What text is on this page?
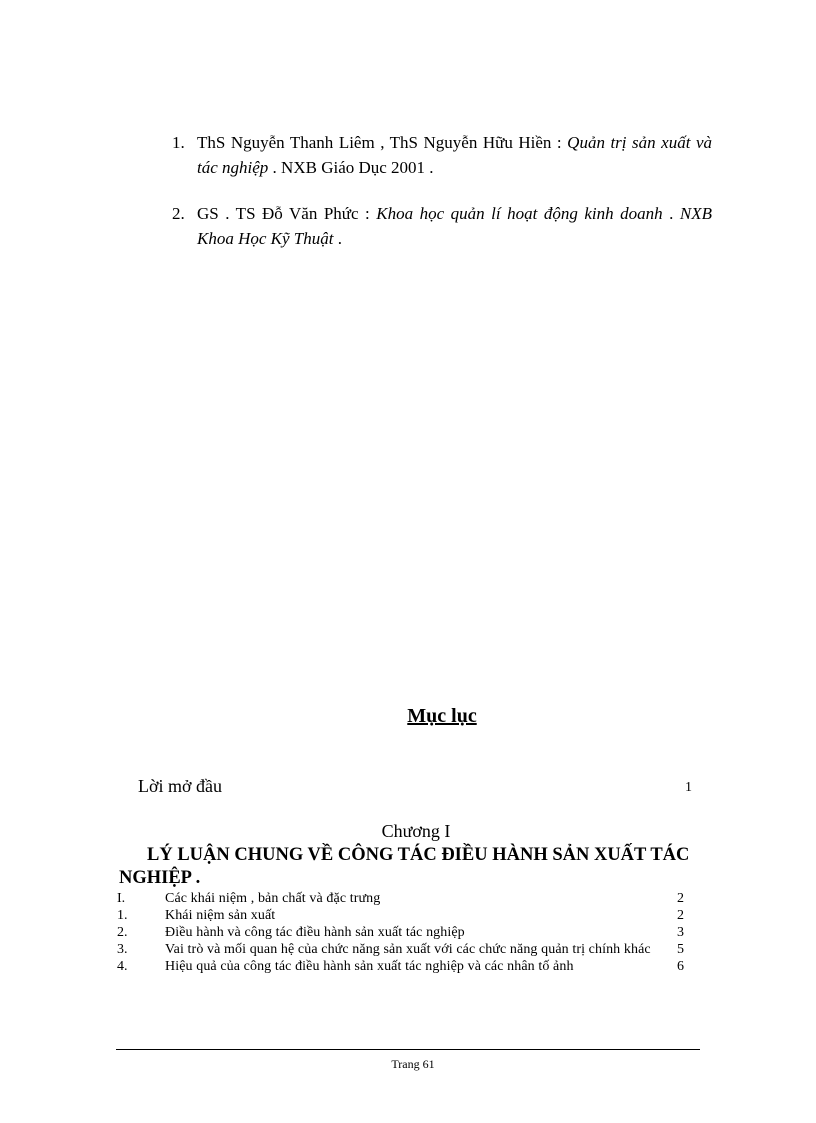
1. ThS Nguyễn Thanh Liêm , ThS Nguyễn Hữu Hiền : Quản trị sản xuất và tác nghiệp . NXB Giáo Dục 2001 .
2. GS . TS Đỗ Văn Phức : Khoa học quản lí hoạt động kinh doanh . NXB Khoa Học Kỹ Thuật .
Mục lục
Lời mở đầu	1
Chương I
LÝ LUẬN CHUNG VỀ CÔNG TÁC ĐIỀU HÀNH SẢN XUẤT TÁC NGHIỆP .
I.	Các khái niệm , bản chất và đặc trưng	2
1.	Khái niệm sản xuất	2
2.	Điều hành và công tác điều hành sản xuất tác nghiệp	3
3.	Vai trò và mối quan hệ của chức năng sản xuất với các chức năng quản trị chính khác	5
4.	Hiệu quả của công tác điều hành sản xuất tác nghiệp và các nhân tố ảnh	6
Trang 61
